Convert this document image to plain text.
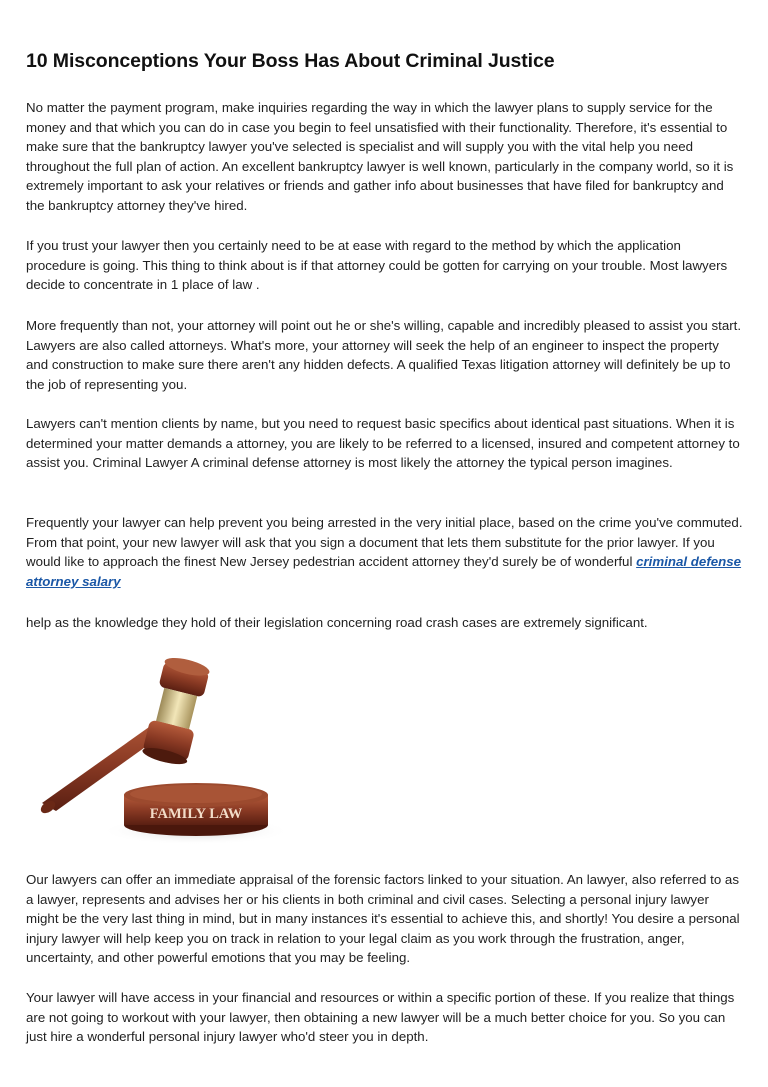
10 Misconceptions Your Boss Has About Criminal Justice

No matter the payment program, make inquiries regarding the way in which the lawyer plans to supply service for the money and that which you can do in case you begin to feel unsatisfied with their functionality. Therefore, it's essential to make sure that the bankruptcy lawyer you've selected is specialist and will supply you with the vital help you need throughout the full plan of action. An excellent bankruptcy lawyer is well known, particularly in the company world, so it is extremely important to ask your relatives or friends and gather info about businesses that have filed for bankruptcy and the bankruptcy attorney they've hired.

If you trust your lawyer then you certainly need to be at ease with regard to the method by which the application procedure is going. This thing to think about is if that attorney could be gotten for carrying on your trouble. Most lawyers decide to concentrate in 1 place of law .

More frequently than not, your attorney will point out he or she's willing, capable and incredibly pleased to assist you start. Lawyers are also called attorneys. What's more, your attorney will seek the help of an engineer to inspect the property and construction to make sure there aren't any hidden defects. A qualified Texas litigation attorney will definitely be up to the job of representing you.

Lawyers can't mention clients by name, but you need to request basic specifics about identical past situations. When it is determined your matter demands a attorney, you are likely to be referred to a licensed, insured and competent attorney to assist you. Criminal Lawyer A criminal defense attorney is most likely the attorney the typical person imagines.

Frequently your lawyer can help prevent you being arrested in the very initial place, based on the crime you've commuted. From that point, your new lawyer will ask that you sign a document that lets them substitute for the prior lawyer. If you would like to approach the finest New Jersey pedestrian accident attorney they'd surely be of wonderful criminal defense attorney salary

help as the knowledge they hold of their legislation concerning road crash cases are extremely significant.

FAMILY LAW

Our lawyers can offer an immediate appraisal of the forensic factors linked to your situation. An lawyer, also referred to as a lawyer, represents and advises her or his clients in both criminal and civil cases. Selecting a personal injury lawyer might be the very last thing in mind, but in many instances it's essential to achieve this, and shortly! You desire a personal injury lawyer will help keep you on track in relation to your legal claim as you work through the frustration, anger, uncertainty, and other powerful emotions that you may be feeling.

Your lawyer will have access in your financial and resources or within a specific portion of these. If you realize that things are not going to workout with your lawyer, then obtaining a new lawyer will be a much better choice for you. So you can just hire a wonderful personal injury lawyer who'd steer you in depth.
